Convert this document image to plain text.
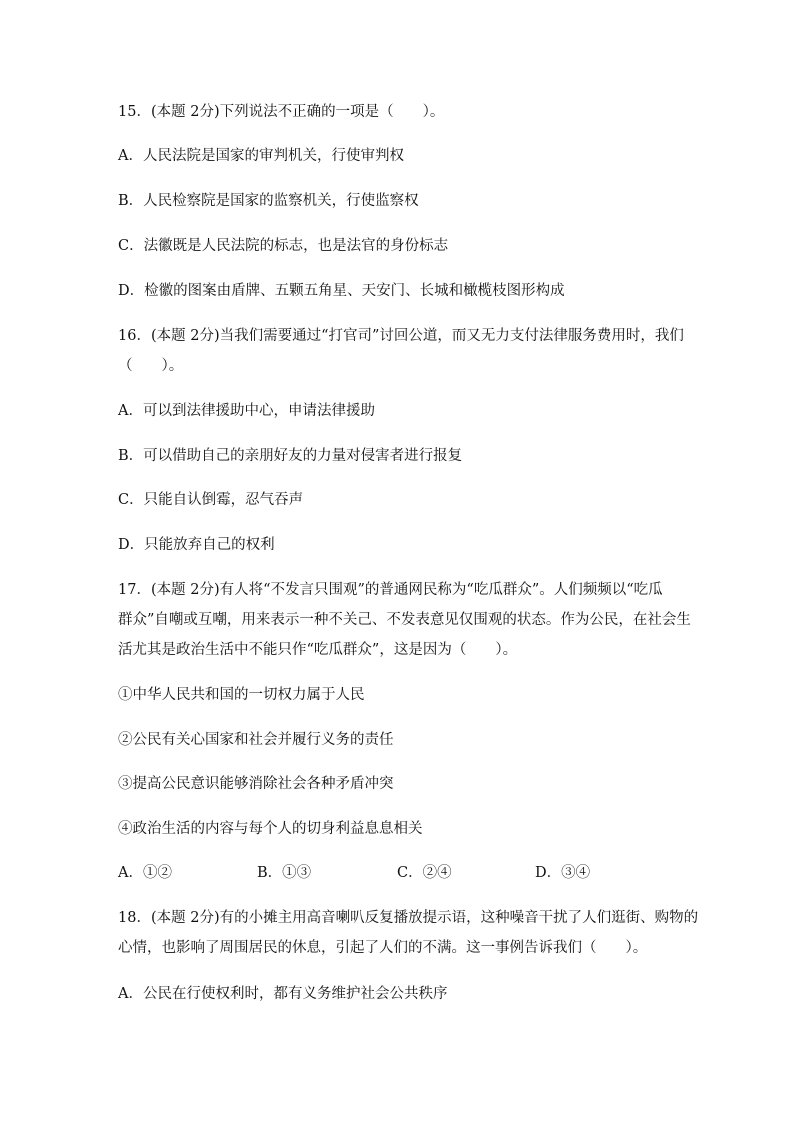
15．(本题 2分)下列说法不正确的一项是（　　）。
A．人民法院是国家的审判机关，行使审判权
B．人民检察院是国家的监察机关，行使监察权
C．法徽既是人民法院的标志，也是法官的身份标志
D．检徽的图案由盾牌、五颗五角星、天安门、长城和橄榄枝图形构成
16．(本题 2分)当我们需要通过“打官司”讨回公道，而又无力支付法律服务费用时，我们
（　　）。
A．可以到法律援助中心，申请法律援助
B．可以借助自己的亲朋好友的力量对侵害者进行报复
C．只能自认倒霉，忍气吞声
D．只能放弃自己的权利
17．(本题 2分)有人将“不发言只围观”的普通网民称为“吃瓜群众”。人们频频以“吃瓜
群众”自嘲或互嘲，用来表示一种不关己、不发表意见仅围观的状态。作为公民，在社会生
活尤其是政治生活中不能只作“吃瓜群众”，这是因为（　　）。
①中华人民共和国的一切权力属于人民
②公民有关心国家和社会并履行义务的责任
③提高公民意识能够消除社会各种矛盾冲突
④政治生活的内容与每个人的切身利益息息相关
A．①②	B．①③	C．②④	D．③④
18．(本题 2分)有的小摊主用高音喇叭反复播放提示语，这种噪音干扰了人们逛街、购物的
心情，也影响了周围居民的休息，引起了人们的不满。这一事例告诉我们（　　）。
A．公民在行使权利时，都有义务维护社会公共秩序
